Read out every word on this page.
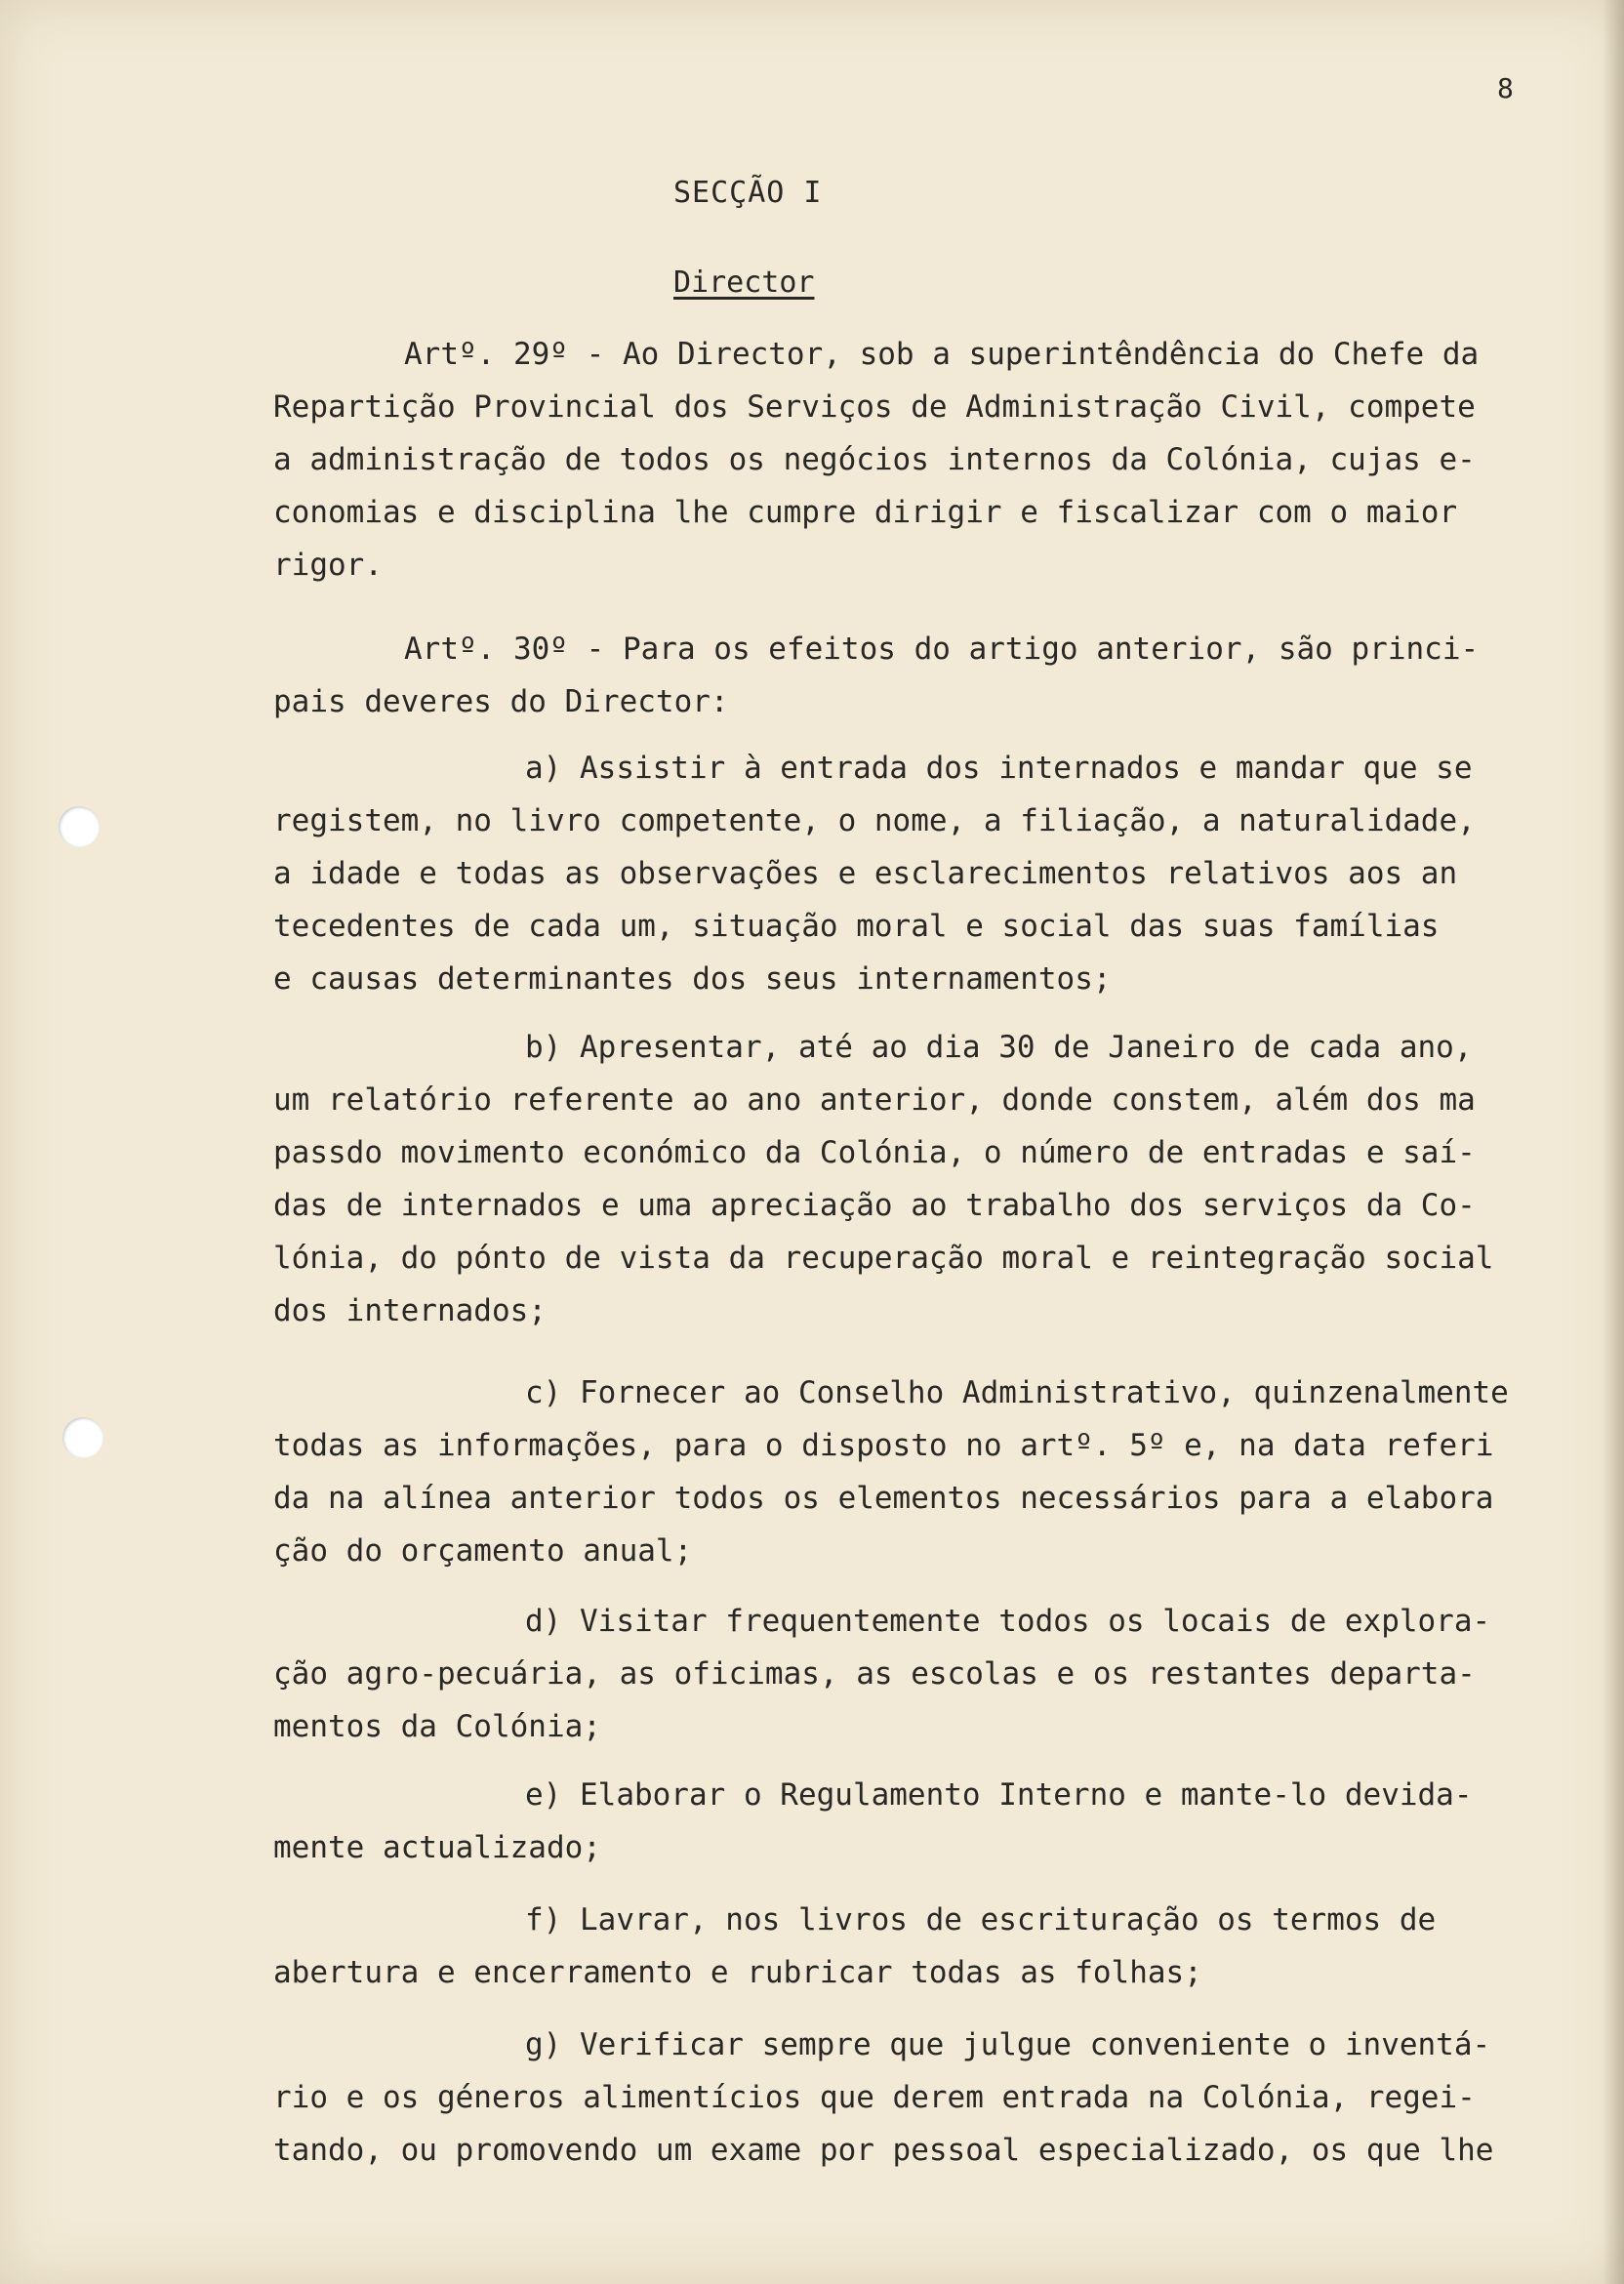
8
SECÇÃO I
Director
Artº. 29º - Ao Director, sob a superintêndência do Chefe da
Repartição Provincial dos Serviços de Administração Civil, compete
a administração de todos os negócios internos da Colónia, cujas e-
conomias e disciplina lhe cumpre dirigir e fiscalizar com o maior
rigor.
Artº. 30º - Para os efeitos do artigo anterior, são princi-
pais deveres do Director:
a) Assistir à entrada dos internados e mandar que se
registem, no livro competente, o nome, a filiação, a naturalidade,
a idade e todas as observações e esclarecimentos relativos aos an
tecedentes de cada um, situação moral e social das suas famílias
e causas determinantes dos seus internamentos;
b) Apresentar, até ao dia 30 de Janeiro de cada ano,
um relatório referente ao ano anterior, donde constem, além dos ma
passdo movimento económico da Colónia, o número de entradas e saí-
das de internados e uma apreciação ao trabalho dos serviços da Co-
lónia, do pónto de vista da recuperação moral e reintegração social
dos internados;
c) Fornecer ao Conselho Administrativo, quinzenalmente
todas as informações, para o disposto no artº. 5º e, na data referi
da na alínea anterior todos os elementos necessários para a elabora
ção do orçamento anual;
d) Visitar frequentemente todos os locais de explora-
ção agro-pecuária, as oficimas, as escolas e os restantes departa-
mentos da Colónia;
e) Elaborar o Regulamento Interno e mante-lo devida-
mente actualizado;
f) Lavrar, nos livros de escrituração os termos de
abertura e encerramento e rubricar todas as folhas;
g) Verificar sempre que julgue conveniente o inventá-
rio e os géneros alimentícios que derem entrada na Colónia, regei-
tando, ou promovendo um exame por pessoal especializado, os que lhe
